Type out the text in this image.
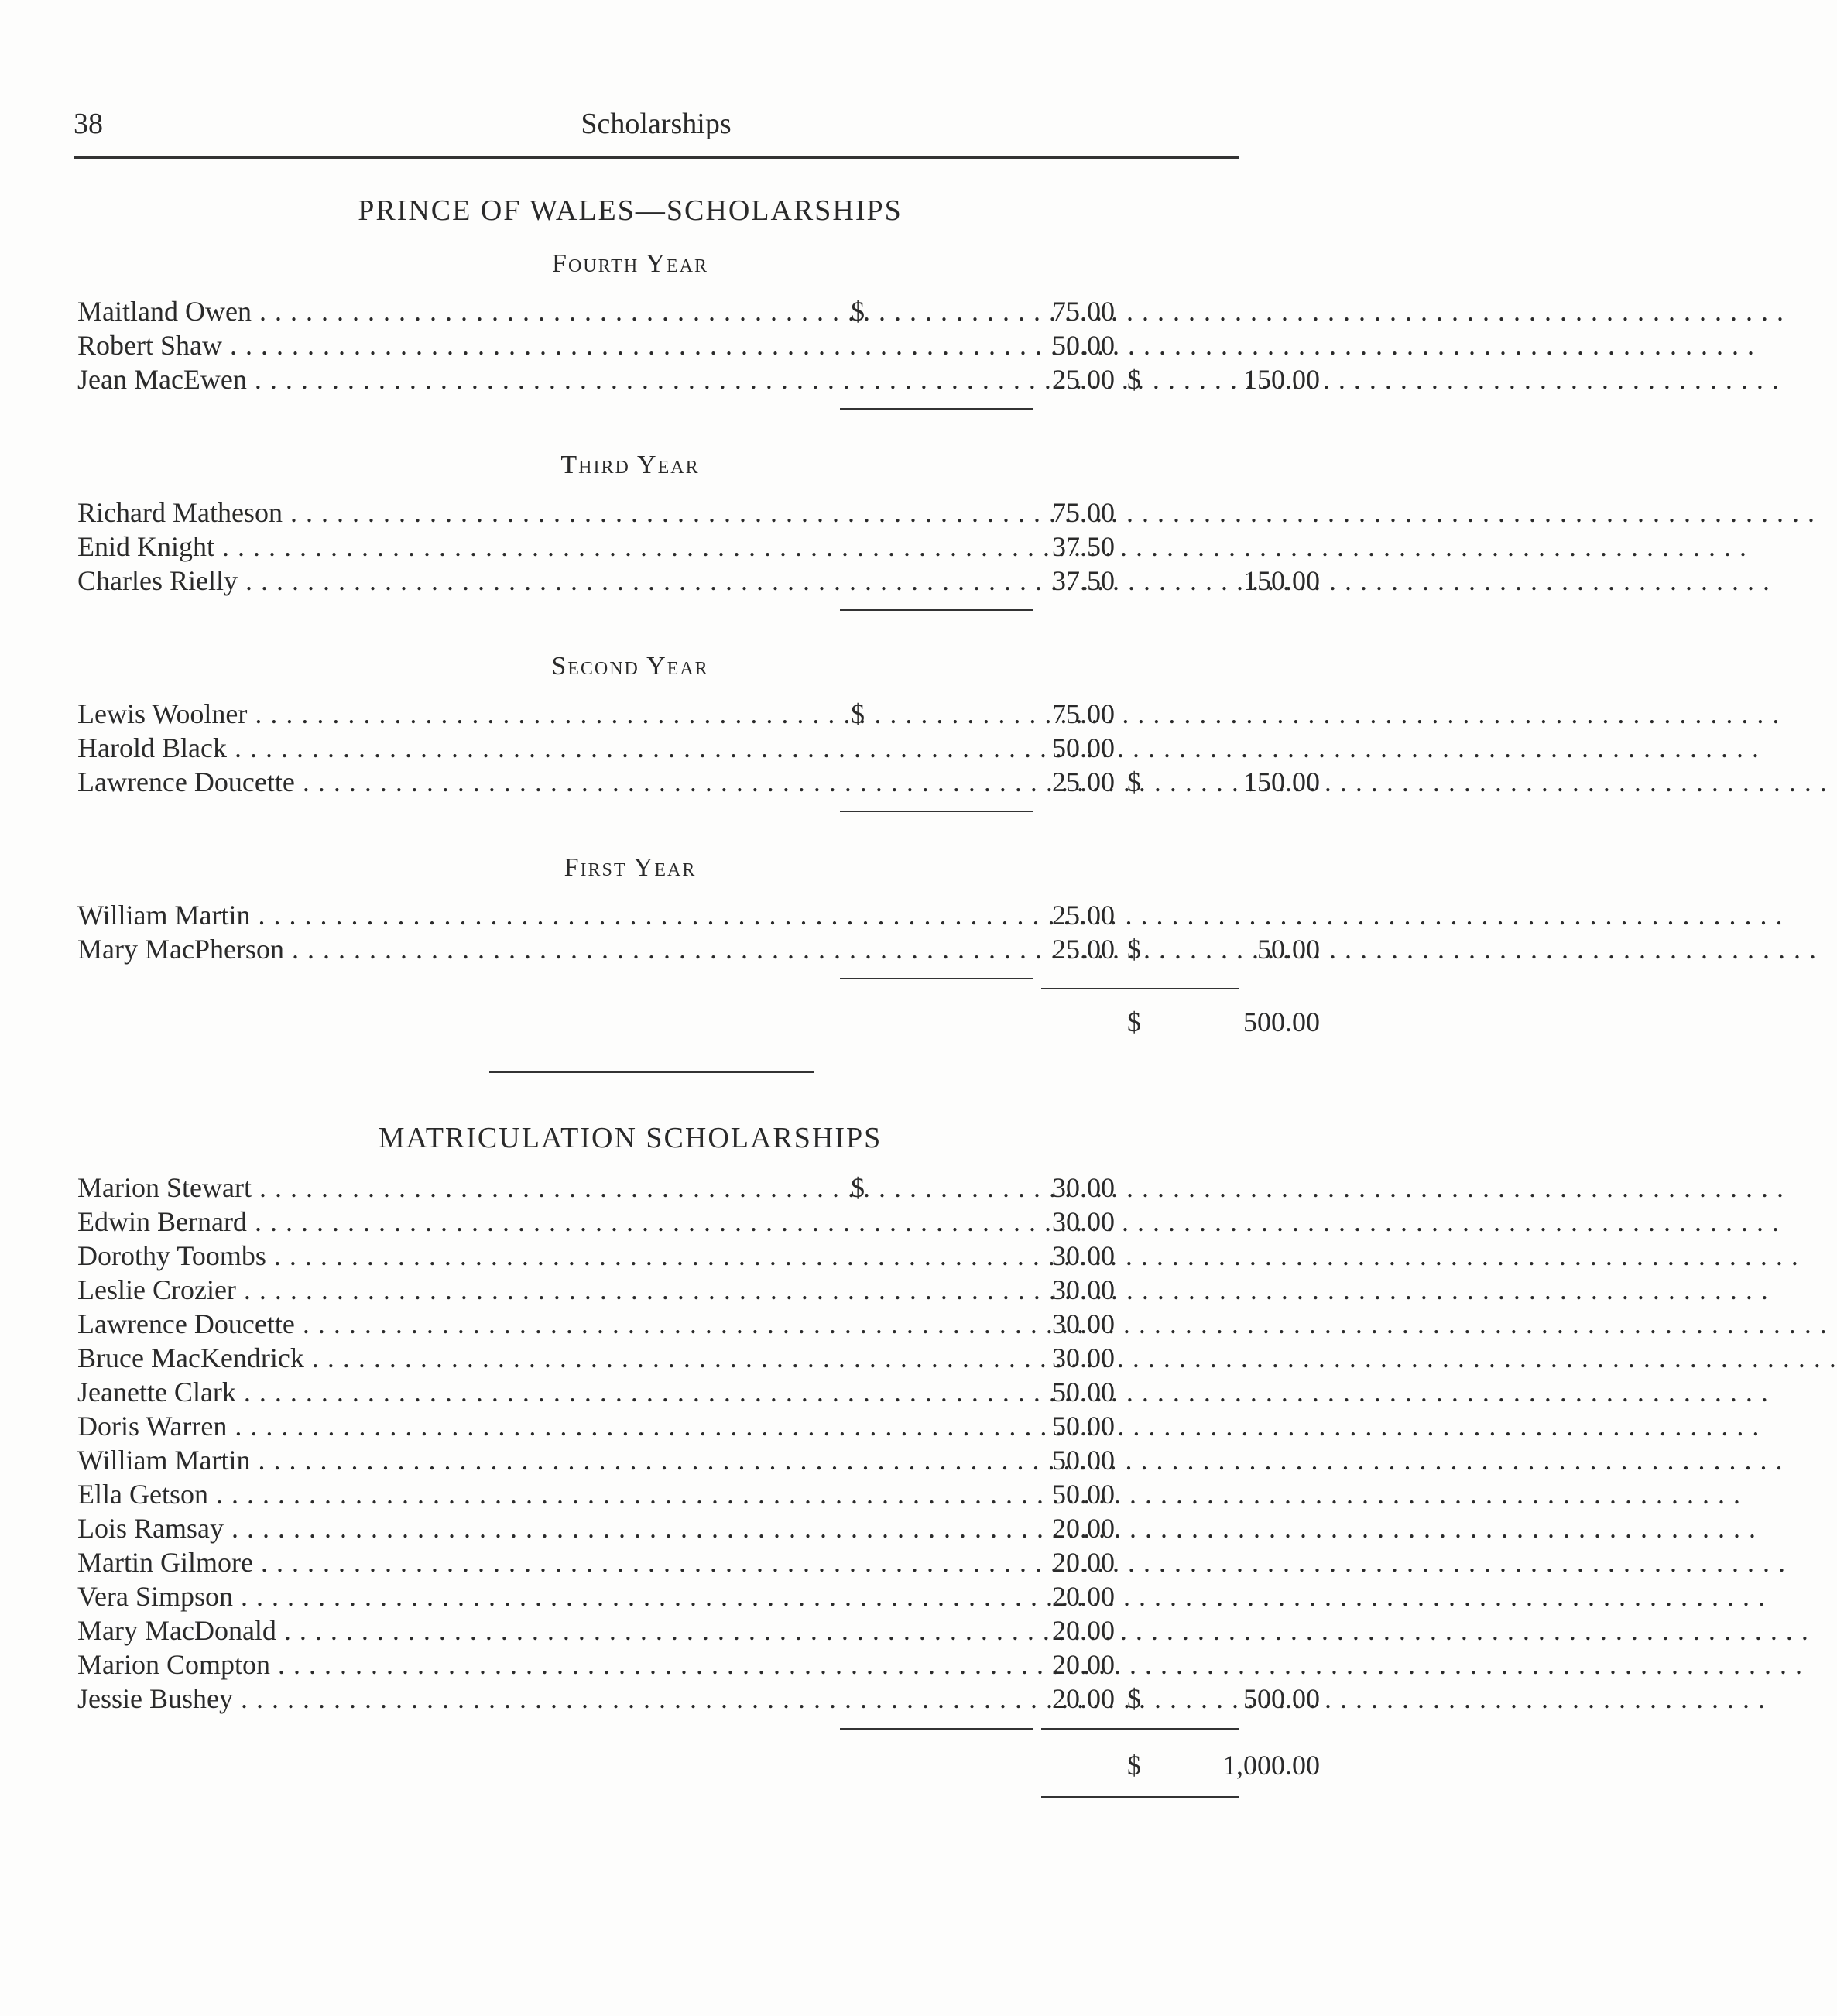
38	Scholarships
PRINCE OF WALES—SCHOLARSHIPS
Fourth Year
Maitland Owen . . .	$	75.00
Robert Shaw . . .	50.00
Jean MacEwen . . .	25.00 $	150.00
Third Year
Richard Matheson . . .	75.00
Enid Knight . . .	37.50
Charles Rielly . . .	37.50	150.00
Second Year
Lewis Woolner . . .	$	75.00
Harold Black . . .	50.00
Lawrence Doucette . . .	25.00 $	150.00
First Year
William Martin . . .	25.00
Mary MacPherson . . .	25.00 $	50.00
$	500.00
MATRICULATION SCHOLARSHIPS
Marion Stewart . . .	$	30.00
Edwin Bernard . . .	30.00
Dorothy Toombs . . .	30.00
Leslie Crozier . . .	30.00
Lawrence Doucette . . .	30.00
Bruce MacKendrick . . .	30.00
Jeanette Clark . . .	50.00
Doris Warren . . .	50.00
William Martin . . .	50.00
Ella Getson . . .	50.00
Lois Ramsay . . .	20.00
Martin Gilmore . . .	20.00
Vera Simpson . . .	20.00
Mary MacDonald . . .	20.00
Marion Compton . . .	20.00
Jessie Bushey . . .	20.00 $	500.00
$	1,000.00
